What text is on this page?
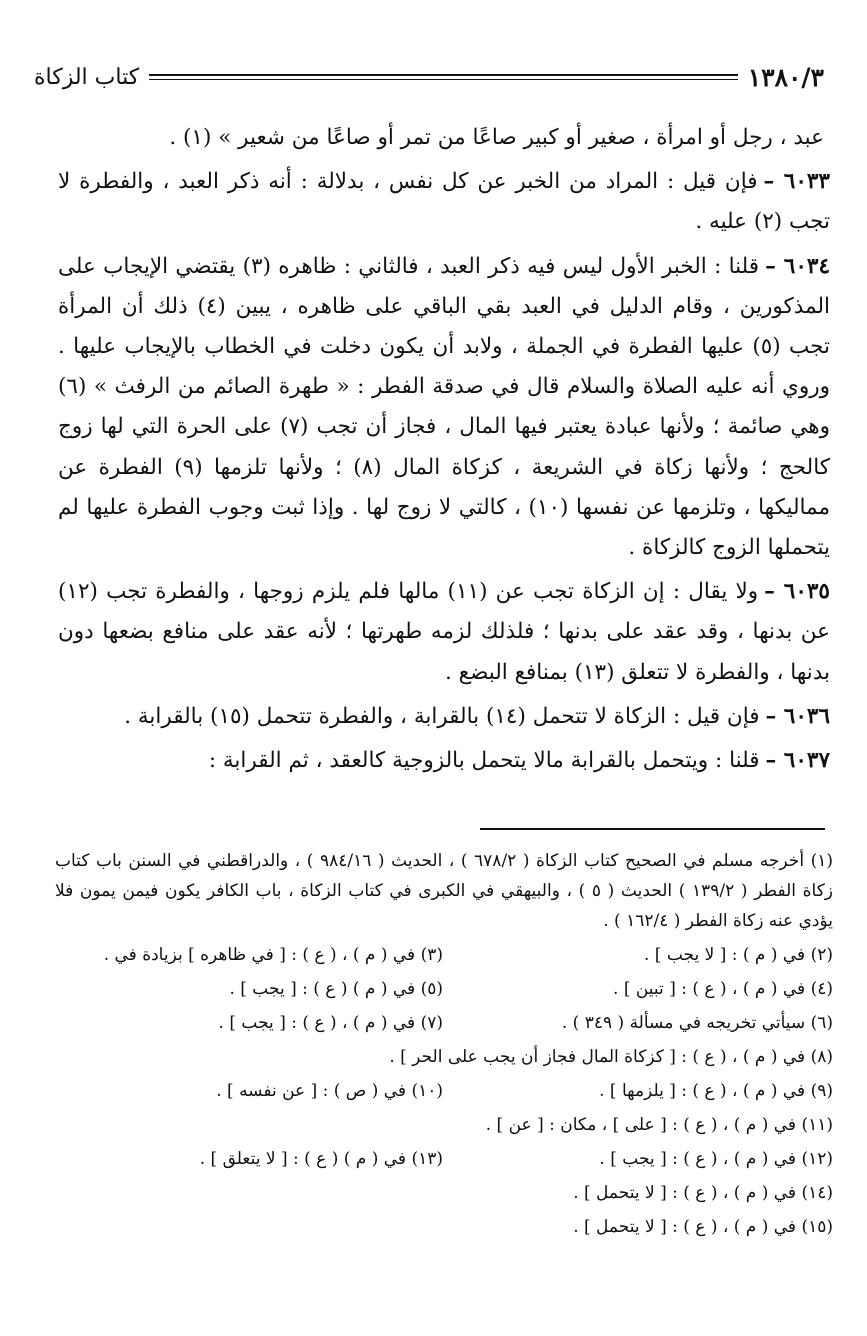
١٣٨٠/٣
كتاب الزكاة

عبد ، رجل أو امرأة ، صغير أو كبير صاعًا من تمر أو صاعًا من شعير » (١) .

٦٠٣٣ –فإن قيل : المراد من الخبر عن كل نفس ، بدلالة : أنه ذكر العبد ، والفطرة لا تجب (٢) عليه .

٦٠٣٤ –قلنا : الخبر الأول ليس فيه ذكر العبد ، فالثاني : ظاهره (٣) يقتضي الإيجاب على المذكورين ، وقام الدليل في العبد بقي الباقي على ظاهره ، يبين (٤) ذلك أن المرأة تجب (٥) عليها الفطرة في الجملة ، ولابد أن يكون دخلت في الخطاب بالإيجاب عليها . وروي أنه عليه الصلاة والسلام قال في صدقة الفطر : « طهرة الصائم من الرفث » (٦) وهي صائمة ؛ ولأنها عبادة يعتبر فيها المال ، فجاز أن تجب (٧) على الحرة التي لها زوج كالحج ؛ ولأنها زكاة في الشريعة ، كزكاة المال (٨) ؛ ولأنها تلزمها (٩) الفطرة عن مماليكها ، وتلزمها عن نفسها (١٠) ، كالتي لا زوج لها . وإذا ثبت وجوب الفطرة عليها لم يتحملها الزوج كالزكاة .

٦٠٣٥ –ولا يقال : إن الزكاة تجب عن (١١) مالها فلم يلزم زوجها ، والفطرة تجب (١٢) عن بدنها ، وقد عقد على بدنها ؛ فلذلك لزمه طهرتها ؛ لأنه عقد على منافع بضعها دون بدنها ، والفطرة لا تتعلق (١٣) بمنافع البضع .

٦٠٣٦ –فإن قيل : الزكاة لا تتحمل (١٤) بالقرابة ، والفطرة تتحمل (١٥) بالقرابة .

٦٠٣٧ –قلنا : ويتحمل بالقرابة مالا يتحمل بالزوجية كالعقد ، ثم القرابة :

(١) أخرجه مسلم في الصحيح كتاب الزكاة ( ٦٧٨/٢ ) ، الحديث ( ٩٨٤/١٦ ) ، والدراقطني في السنن باب كتاب زكاة الفطر ( ١٣٩/٢ ) الحديث ( ٥ ) ، والبيهقي في الكبرى في كتاب الزكاة ، باب الكافر يكون فيمن يمون فلا يؤدي عنه زكاة الفطر ( ١٦٢/٤ ) .

(٢) في ( م ) : [ لا يجب ] .
(٣) في ( م ) ، ( ع ) : [ في ظاهره ] بزيادة في .
(٤) في ( م ) ، ( ع ) : [ تبين ] .
(٥) في ( م ) ( ع ) : [ يجب ] .
(٦) سيأتي تخريجه في مسألة ( ٣٤٩ ) .
(٧) في ( م ) ، ( ع ) : [ يجب ] .
(٨) في ( م ) ، ( ع ) : [ كزكاة المال فجاز أن يجب على الحر ] .
(٩) في ( م ) ، ( ع ) : [ يلزمها ] .
(١٠) في ( ص ) : [ عن نفسه ] .
(١١) في ( م ) ، ( ع ) : [ على ] ، مكان : [ عن ] .
(١٢) في ( م ) ، ( ع ) : [ يجب ] .
(١٣) في ( م ) ( ع ) : [ لا يتعلق ] .
(١٤) في ( م ) ، ( ع ) : [ لا يتحمل ] .
(١٥) في ( م ) ، ( ع ) : [ لا يتحمل ] .
